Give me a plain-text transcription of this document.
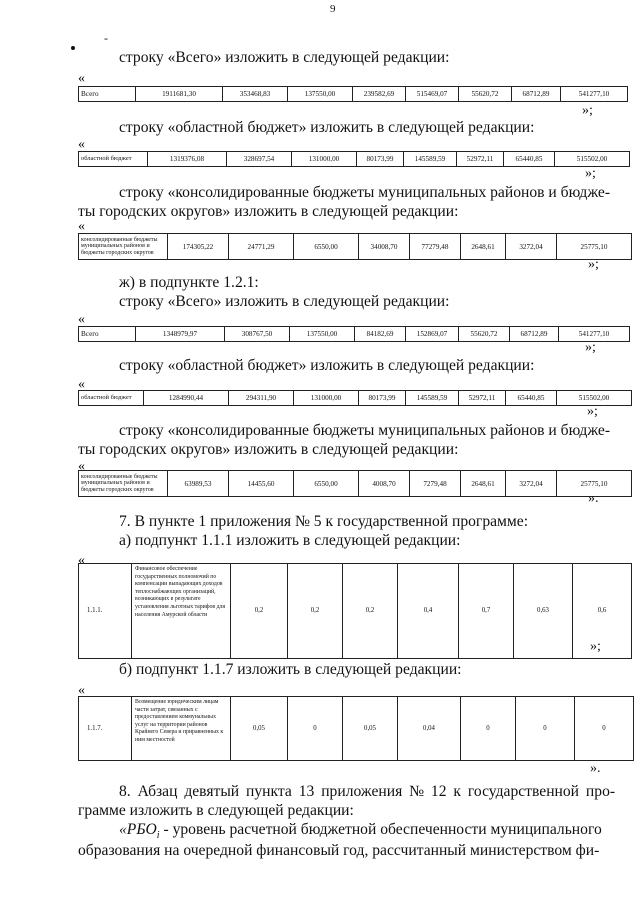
9
-
строку «Всего» изложить в следующей редакции:
«
Всего	1911681,30	353468,83	137550,00	239582,69	515469,07	55620,72	68712,89	541277,10
»;
строку «областной бюджет» изложить в следующей редакции:
«
областной бюджет	1319376,08	328697,54	131000,00	80173,99	145589,59	52972,11	65440,85	515502,00
»;
строку «консолидированные бюджеты муниципальных районов и бюдже-
ты городских округов» изложить в следующей редакции:
«
консолидированные бюджеты муниципальных районов и бюджеты городских округов	174305,22	24771,29	6550,00	34008,70	77279,48	2648,61	3272,04	25775,10
»;
ж) в подпункте 1.2.1:
строку «Всего» изложить в следующей редакции:
«
Всего	1348979,97	308767,50	137550,00	84182,69	152869,07	55620,72	68712,89	541277,10
»;
строку «областной бюджет» изложить в следующей редакции:
«
областной бюджет	1284990,44	294311,90	131000,00	80173,99	145589,59	52972,11	65440,85	515502,00
»;
строку «консолидированные бюджеты муниципальных районов и бюдже-
ты городских округов» изложить в следующей редакции:
«
консолидированные бюджеты муниципальных районов и бюджеты городских округов	63989,53	14455,60	6550,00	4008,70	7279,48	2648,61	3272,04	25775,10
».
7. В пункте 1 приложения № 5 к государственной программе:
а) подпункт 1.1.1 изложить в следующей редакции:
«
1.1.1.	Финансовое обеспечение государственных полномочий по компенсации выпадающих доходов теплоснабжающих организаций, возникающих в результате установления льготных тарифов для населения Амурской области	0,2	0,2	0,2	0,4	0,7	0,63	0,6
»;
б) подпункт 1.1.7 изложить в следующей редакции:
«
1.1.7.	Возмещение юридическим лицам части затрат, связанных с предоставлением коммунальных услуг на территории районов Крайнего Севера и приравненных к ним местностей	0,05	0	0,05	0,04	0	0	0
».
8. Абзац девятый пункта 13 приложения № 12 к государственной про-
грамме изложить в следующей редакции:
«$РБО_i$ - уровень расчетной бюджетной обеспеченности муниципального
образования на очередной финансовый год, рассчитанный министерством фи-
